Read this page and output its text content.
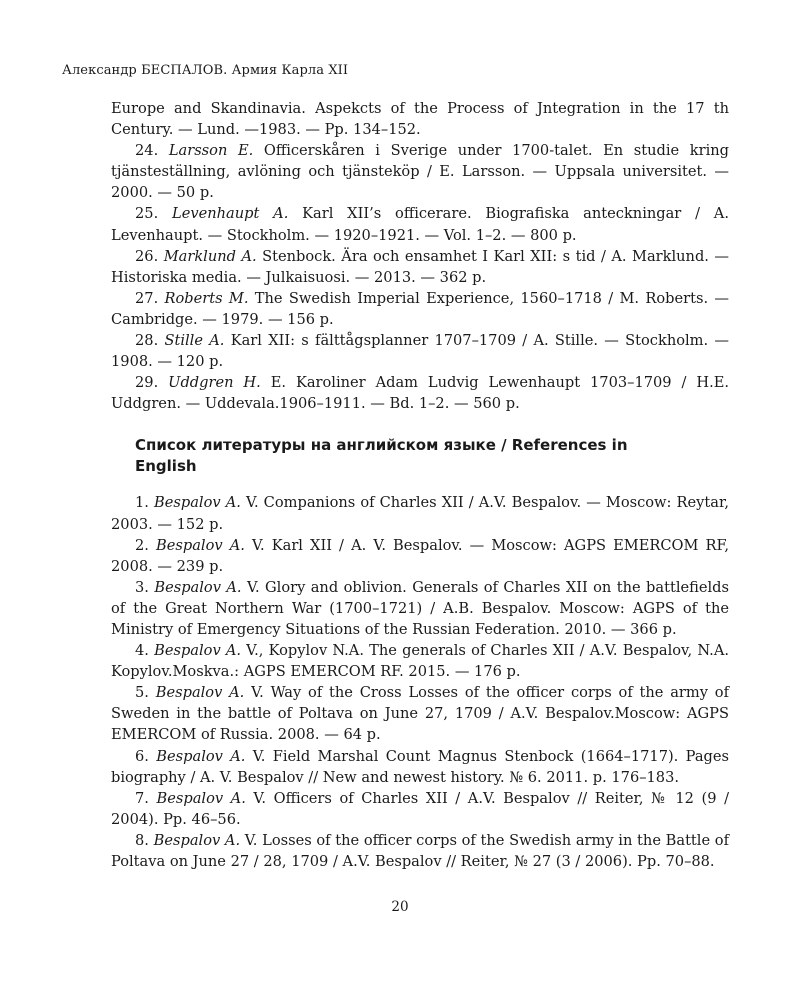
Александр БЕСПАЛОВ. Армия Карла XII

Europe and Skandinavia. Aspekcts of the Process of Jntegration in the 17 th Century. — Lund. —1983. — Pp. 134–152.

24. Larsson E. Officerskåren i Sverige under 1700-talet. En studie kring tjänsteställning, avlöning och tjänsteköp / E. Larsson. — Uppsala universitet. — 2000. — 50 p.

25. Levenhaupt A. Karl XII’s officerare. Biografiska anteckningar / A. Levenhaupt. — Stockholm. — 1920–1921. — Vol. 1–2. — 800 p.

26. Marklund A. Stenbock. Ära och ensamhet I Karl XII: s tid / A. Marklund. — Historiska media. — Julkaisuosi. — 2013. — 362 p.

27. Roberts M. The Swedish Imperial Experience, 1560–1718 / M. Roberts. — Cambridge. — 1979. — 156 p.

28. Stille A. Karl XII: s fälttågsplanner 1707–1709 / A. Stille. — Stockholm. — 1908. — 120 p.

29. Uddgren H. E. Karoliner Adam Ludvig Lewenhaupt 1703–1709 / H.E. Uddgren. — Uddevala.1906–1911. — Bd. 1–2. — 560 p.

Список литературы на английском языке / References in English

1. Bespalov A. V. Companions of Charles XII / A.V. Bespalov. — Moscow: Reytar, 2003. — 152 p.

2. Bespalov A. V. Karl XII / A. V. Bespalov. — Moscow: AGPS EMERCOM RF, 2008. — 239 p.

3. Bespalov A. V. Glory and oblivion. Generals of Charles XII on the battlefields of the Great Northern War (1700–1721) / A.B. Bespalov. Moscow: AGPS of the Ministry of Emergency Situations of the Russian Federation. 2010. — 366 p.

4. Bespalov A. V., Kopylov N.A. The generals of Charles XII / A.V. Bespalov, N.A. Kopylov.Moskva.: AGPS EMERCOM RF. 2015. — 176 p.

5. Bespalov A. V. Way of the Cross Losses of the officer corps of the army of Sweden in the battle of Poltava on June 27, 1709 / A.V. Bespalov.Moscow: AGPS EMERCOM of Russia. 2008. — 64 p.

6. Bespalov A. V. Field Marshal Count Magnus Stenbock (1664–1717). Pages biography / A. V. Bespalov // New and newest history. № 6. 2011. p. 176–183.

7. Bespalov A. V. Officers of Charles XII / A.V. Bespalov // Reiter, № 12 (9 / 2004). Pp. 46–56.

8. Bespalov A. V. Losses of the officer corps of the Swedish army in the Battle of Poltava on June 27 / 28, 1709 / A.V. Bespalov // Reiter, № 27 (3 / 2006). Pp. 70–88.

20
